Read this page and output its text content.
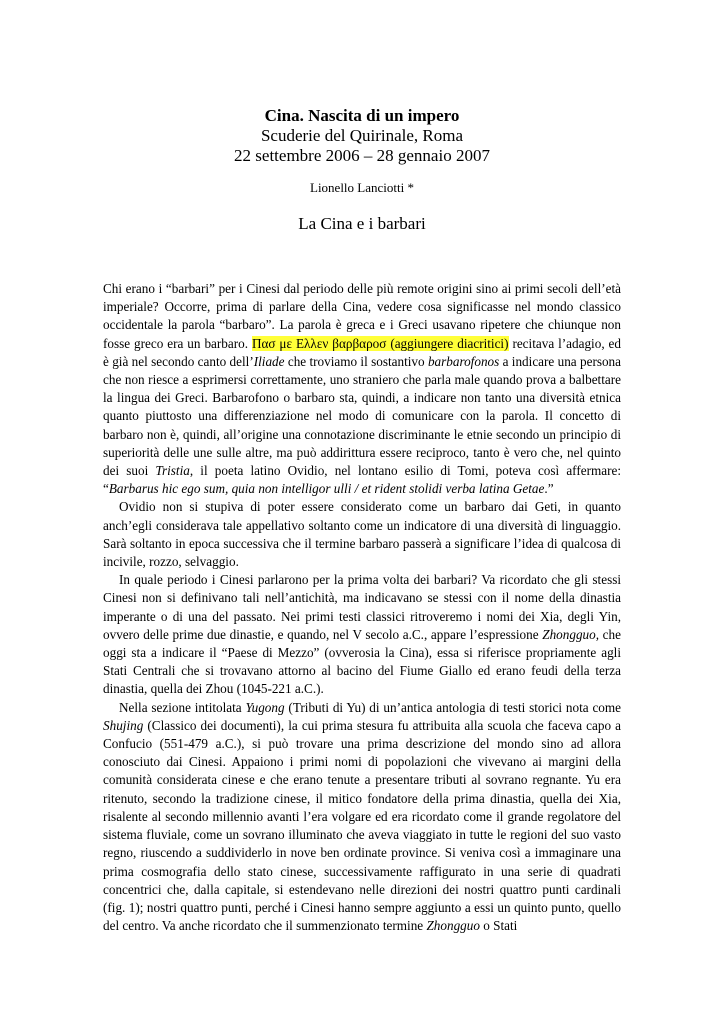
Cina. Nascita di un impero
Scuderie del Quirinale, Roma
22 settembre 2006 – 28 gennaio 2007
Lionello Lanciotti *
La Cina e i barbari

Chi erano i “barbari” per i Cinesi dal periodo delle più remote origini sino ai primi secoli dell’età imperiale? Occorre, prima di parlare della Cina, vedere cosa significasse nel mondo classico occidentale la parola “barbaro”. La parola è greca e i Greci usavano ripetere che chiunque non fosse greco era un barbaro. Πασ με Ελλεν βαρβαροσ (aggiungere diacritici) recitava l’adagio, ed è già nel secondo canto dell’Iliade che troviamo il sostantivo barbarofonos a indicare una persona che non riesce a esprimersi correttamente, uno straniero che parla male quando prova a balbettare la lingua dei Greci. Barbarofono o barbaro sta, quindi, a indicare non tanto una diversità etnica quanto piuttosto una differenziazione nel modo di comunicare con la parola. Il concetto di barbaro non è, quindi, all’origine una connotazione discriminante le etnie secondo un principio di superiorità delle une sulle altre, ma può addirittura essere reciproco, tanto è vero che, nel quinto dei suoi Tristia, il poeta latino Ovidio, nel lontano esilio di Tomi, poteva così affermare: “Barbarus hic ego sum, quia non intelligor ulli / et rident stolidi verba latina Getae.”

Ovidio non si stupiva di poter essere considerato come un barbaro dai Geti, in quanto anch’egli considerava tale appellativo soltanto come un indicatore di una diversità di linguaggio. Sarà soltanto in epoca successiva che il termine barbaro passerà a significare l’idea di qualcosa di incivile, rozzo, selvaggio.

In quale periodo i Cinesi parlarono per la prima volta dei barbari? Va ricordato che gli stessi Cinesi non si definivano tali nell’antichità, ma indicavano se stessi con il nome della dinastia imperante o di una del passato. Nei primi testi classici ritroveremo i nomi dei Xia, degli Yin, ovvero delle prime due dinastie, e quando, nel V secolo a.C., appare l’espressione Zhongguo, che oggi sta a indicare il “Paese di Mezzo” (ovverosia la Cina), essa si riferisce propriamente agli Stati Centrali che si trovavano attorno al bacino del Fiume Giallo ed erano feudi della terza dinastia, quella dei Zhou (1045-221 a.C.).

Nella sezione intitolata Yugong (Tributi di Yu) di un’antica antologia di testi storici nota come Shujing (Classico dei documenti), la cui prima stesura fu attribuita alla scuola che faceva capo a Confucio (551-479 a.C.), si può trovare una prima descrizione del mondo sino ad allora conosciuto dai Cinesi. Appaiono i primi nomi di popolazioni che vivevano ai margini della comunità considerata cinese e che erano tenute a presentare tributi al sovrano regnante. Yu era ritenuto, secondo la tradizione cinese, il mitico fondatore della prima dinastia, quella dei Xia, risalente al secondo millennio avanti l’era volgare ed era ricordato come il grande regolatore del sistema fluviale, come un sovrano illuminato che aveva viaggiato in tutte le regioni del suo vasto regno, riuscendo a suddividerlo in nove ben ordinate province. Si veniva così a immaginare una prima cosmografia dello stato cinese, successivamente raffigurato in una serie di quadrati concentrici che, dalla capitale, si estendevano nelle direzioni dei nostri quattro punti cardinali (fig. 1); nostri quattro punti, perché i Cinesi hanno sempre aggiunto a essi un quinto punto, quello del centro. Va anche ricordato che il summenzionato termine Zhongguo o Stati
